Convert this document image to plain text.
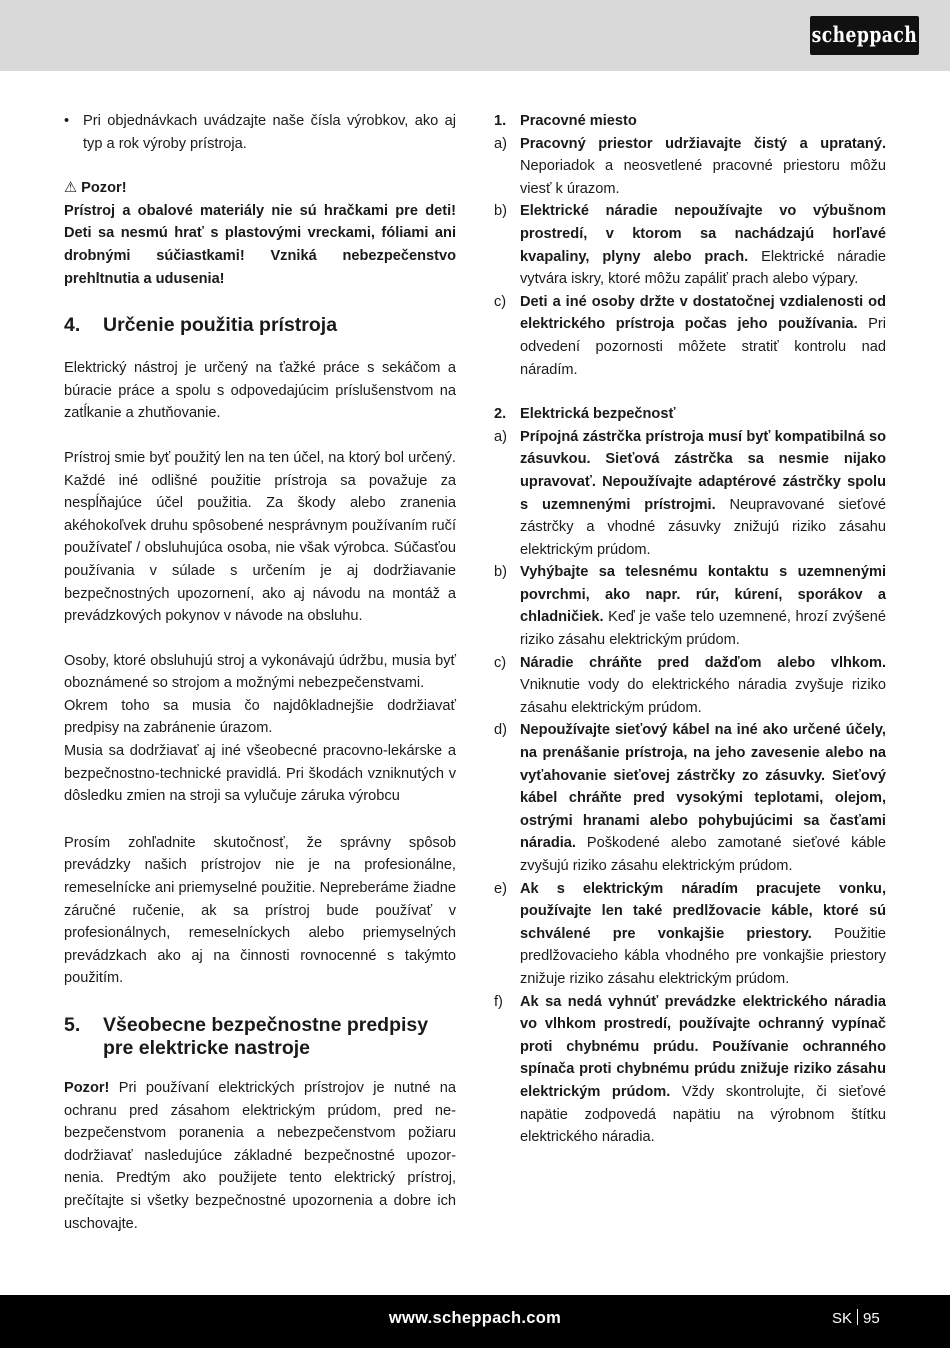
scheppach

• Pri objednávkach uvádzajte naše čísla výrobkov, ako aj typ a rok výroby prístroja.

⚠ Pozor!

Prístroj a obalové materiály nie sú hračkami pre deti! Deti sa nesmú hrať s plastovými vreckami, fóliami ani drobnými súčiastkami! Vzniká nebezpečenstvo prehltnutia a udusenia!

4. Určenie použitia prístroja

Elektrický nástroj je určený na ťažké práce s sekáčom a búracie práce a spolu s odpovedajúcim príslušenstvom na zatĺkanie a zhutňovanie.

Prístroj smie byť použitý len na ten účel, na ktorý bol určený. Každé iné odlišné použitie prístroja sa považuje za nespĺňajúce účel použitia. Za škody alebo zranenia akéhokoľvek druhu spôsobené nesprávnym používaním ručí používateľ / obsluhujúca osoba, nie však výrobca. Súčasťou používania v súlade s určením je aj dodržiavanie bezpečnostných upozornení, ako aj návodu na montáž a prevádzkových pokynov v návode na obsluhu.

Osoby, ktoré obsluhujú stroj a vykonávajú údržbu, musia byť oboznámené so strojom a možnými nebezpečenstvami.

Okrem toho sa musia čo najdôkladnejšie dodržiavať predpisy na zabránenie úrazom.

Musia sa dodržiavať aj iné všeobecné pracovno-lekárske a bezpečnostno-technické pravidlá. Pri škodách vzniknutých v dôsledku zmien na stroji sa vylučuje záruka výrobcu

Prosím zohľadnite skutočnosť, že správny spôsob prevádzky našich prístrojov nie je na profesionálne, remeselnícke ani priemyselné použitie. Nepreberáme žiadne záručné ručenie, ak sa prístroj bude používať v profesionálnych, remeselníckych alebo priemyselných prevádzkach ako aj na činnosti rovnocenné s takýmto použitím.

5. Všeobecne bezpečnostne predpisy pre elektricke nastroje

Pozor! Pri používaní elektrických prístrojov je nutné na ochranu pred zásahom elektrickým prúdom, pred ne-bezpečenstvom poranenia a nebezpečenstvom požiaru dodržiavať nasledujúce základné bezpečnostné upozor-nenia. Predtým ako použijete tento elektrický prístroj, prečítajte si všetky bezpečnostné upozornenia a dobre ich uschovajte.

1. Pracovné miesto

a) Pracovný priestor udržiavajte čistý a uprataný. Neporiadok a neosvetlené pracovné priestoru môžu viesť k úrazom.

b) Elektrické náradie nepoužívajte vo výbušnom prostredí, v ktorom sa nachádzajú horľavé kvapaliny, plyny alebo prach. Elektrické náradie vytvára iskry, ktoré môžu zapáliť prach alebo výpary.

c) Deti a iné osoby držte v dostatočnej vzdialenosti od elektrického prístroja počas jeho používania. Pri odvedení pozornosti môžete stratiť kontrolu nad náradím.

2. Elektrická bezpečnosť

a) Prípojná zástrčka prístroja musí byť kompatibilná so zásuvkou. Sieťová zástrčka sa nesmie nijako upravovať. Nepoužívajte adaptérové zástrčky spolu s uzemnenými prístrojmi. Neupravované sieťové zástrčky a vhodné zásuvky znižujú riziko zásahu elektrickým prúdom.

b) Vyhýbajte sa telesnému kontaktu s uzemnenými povrchmi, ako napr. rúr, kúrení, sporákov a chladničiek. Keď je vaše telo uzemnené, hrozí zvýšené riziko zásahu elektrickým prúdom.

c) Náradie chráňte pred dažďom alebo vlhkom. Vniknutie vody do elektrického náradia zvyšuje riziko zásahu elektrickým prúdom.

d) Nepoužívajte sieťový kábel na iné ako určené účely, na prenášanie prístroja, na jeho zavesenie alebo na vyťahovanie sieťovej zástrčky zo zásuvky. Sieťový kábel chráňte pred vysokými teplotami, olejom, ostrými hranami alebo pohybujúcimi sa časťami náradia. Poškodené alebo zamotané sieťové káble zvyšujú riziko zásahu elektrickým prúdom.

e) Ak s elektrickým náradím pracujete vonku, používajte len také predlžovacie káble, ktoré sú schválené pre vonkajšie priestory. Použitie predlžovacieho kábla vhodného pre vonkajšie priestory znižuje riziko zásahu elektrickým prúdom.

f) Ak sa nedá vyhnúť prevádzke elektrického náradia vo vlhkom prostredí, používajte ochranný vypínač proti chybnému prúdu. Používanie ochranného spínača proti chybnému prúdu znižuje riziko zásahu elektrickým prúdom. Vždy skontrolujte, či sieťové napätie zodpovedá napätiu na výrobnom štítku elektrického náradia.

www.scheppach.com	SK 95
